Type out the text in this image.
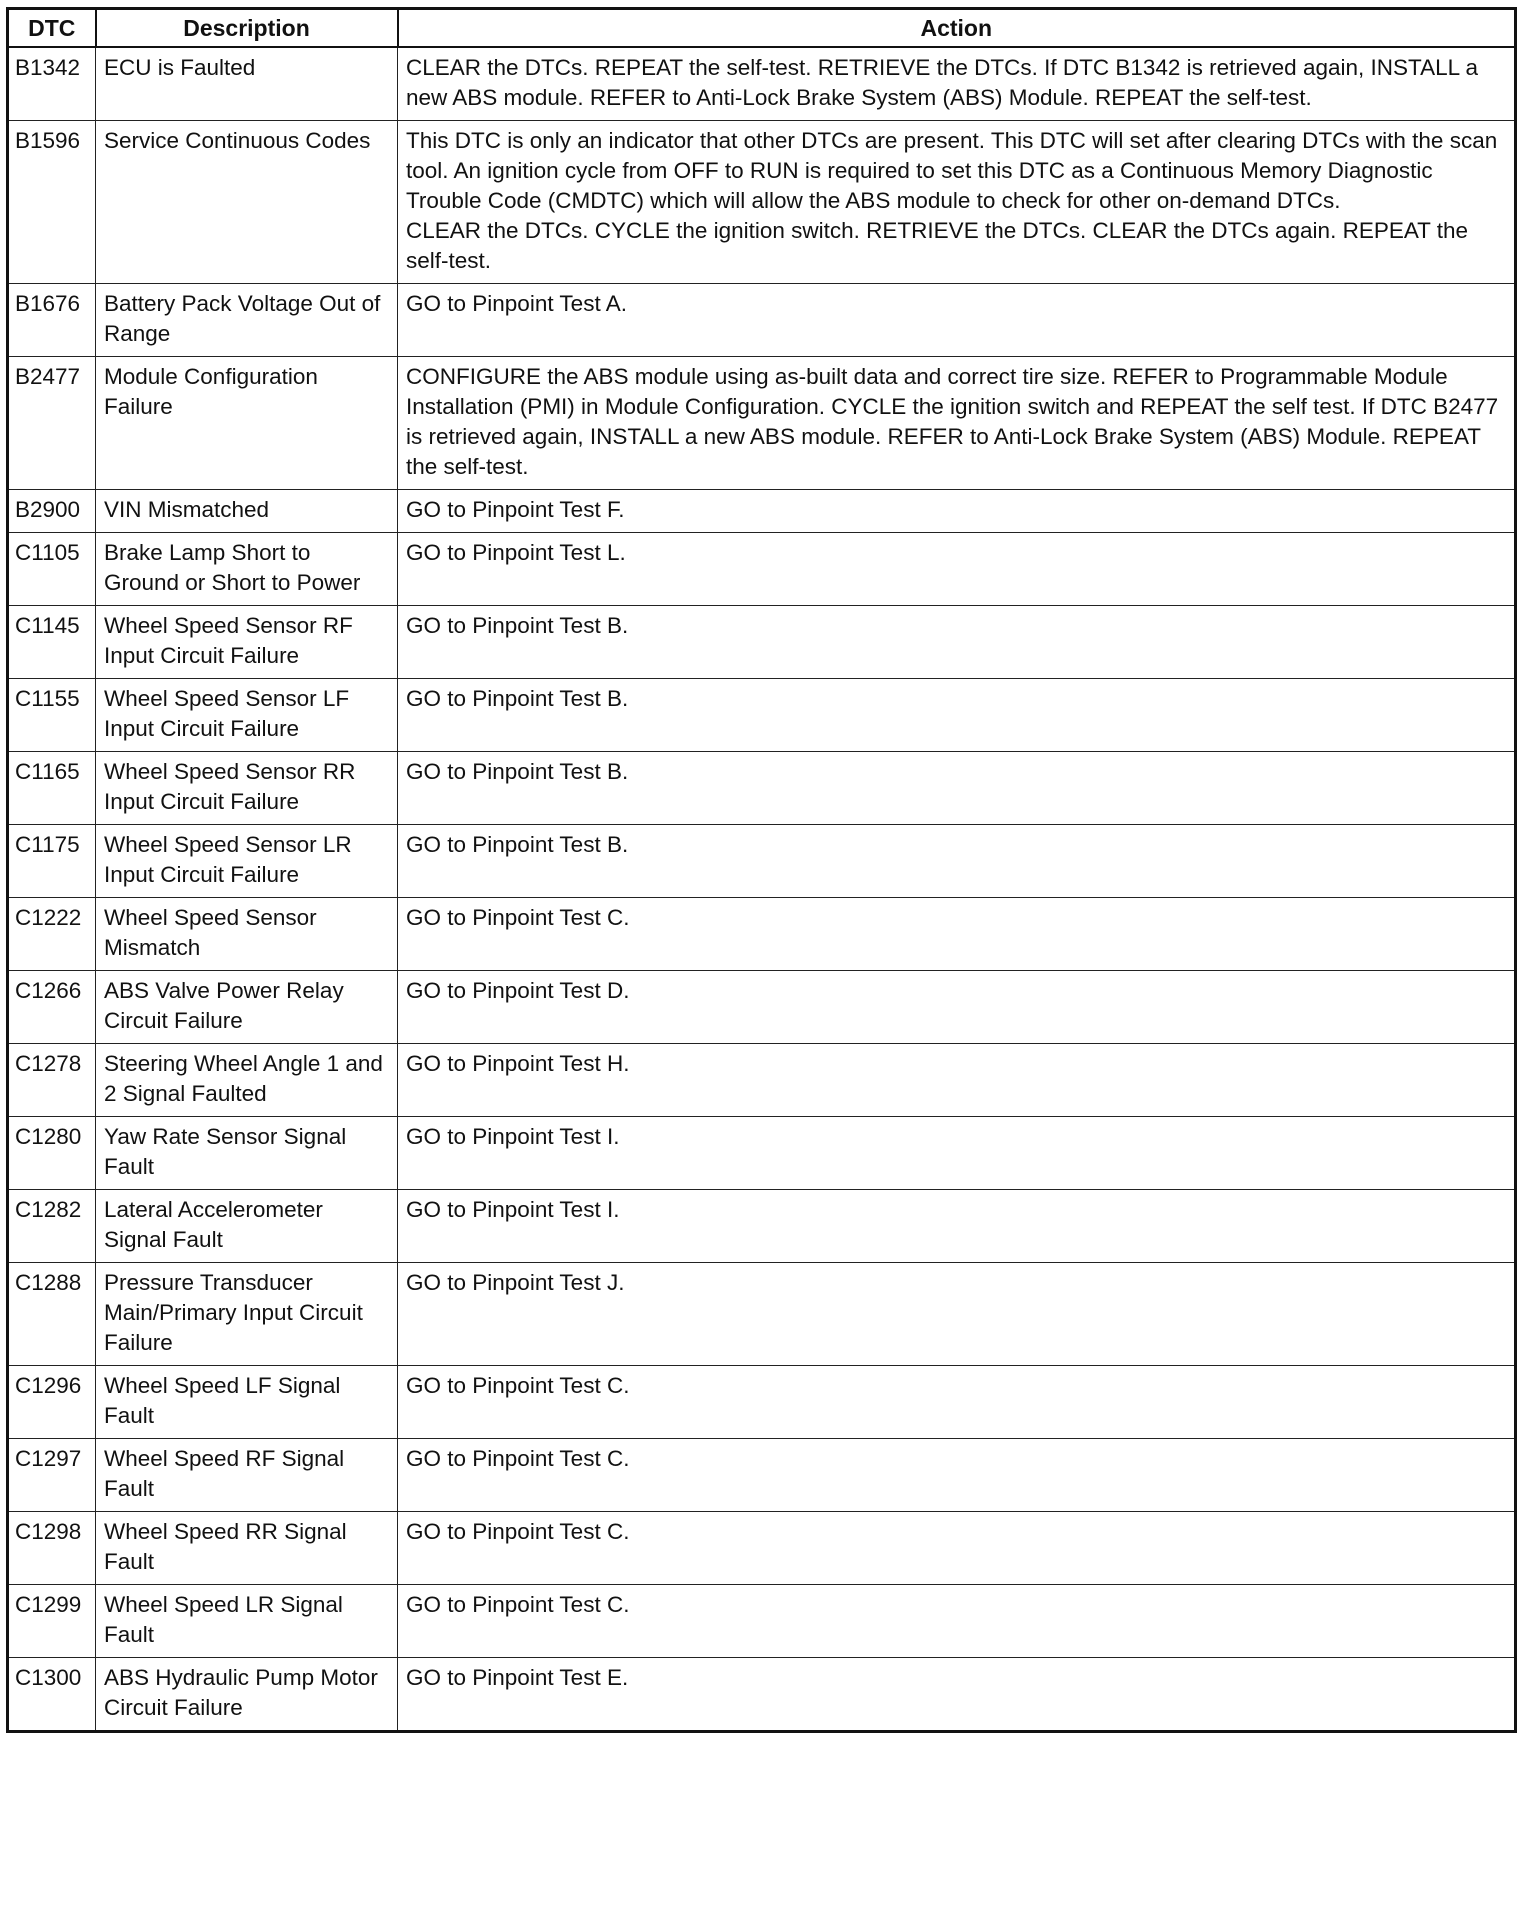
DTC	Description	Action
B1342	ECU is Faulted	CLEAR the DTCs. REPEAT the self-test. RETRIEVE the DTCs. If DTC B1342 is retrieved again, INSTALL a new ABS module. REFER to Anti-Lock Brake System (ABS) Module. REPEAT the self-test.

B1596	Service Continuous Codes	This DTC is only an indicator that other DTCs are present. This DTC will set after clearing DTCs with the scan tool. An ignition cycle from OFF to RUN is required to set this DTC as a Continuous Memory Diagnostic Trouble Code (CMDTC) which will allow the ABS module to check for other on-demand DTCs.
CLEAR the DTCs. CYCLE the ignition switch. RETRIEVE the DTCs. CLEAR the DTCs again. REPEAT the self-test.

B1676	Battery Pack Voltage Out of Range	GO to Pinpoint Test A.

B2477	Module Configuration Failure	CONFIGURE the ABS module using as-built data and correct tire size. REFER to Programmable Module Installation (PMI) in Module Configuration. CYCLE the ignition switch and REPEAT the self test. If DTC B2477 is retrieved again, INSTALL a new ABS module. REFER to Anti-Lock Brake System (ABS) Module. REPEAT the self-test.

B2900	VIN Mismatched	GO to Pinpoint Test F.

C1105	Brake Lamp Short to Ground or Short to Power	GO to Pinpoint Test L.

C1145	Wheel Speed Sensor RF Input Circuit Failure	GO to Pinpoint Test B.

C1155	Wheel Speed Sensor LF Input Circuit Failure	GO to Pinpoint Test B.

C1165	Wheel Speed Sensor RR Input Circuit Failure	GO to Pinpoint Test B.

C1175	Wheel Speed Sensor LR Input Circuit Failure	GO to Pinpoint Test B.

C1222	Wheel Speed Sensor Mismatch	GO to Pinpoint Test C.

C1266	ABS Valve Power Relay Circuit Failure	GO to Pinpoint Test D.

C1278	Steering Wheel Angle 1 and 2 Signal Faulted	GO to Pinpoint Test H.

C1280	Yaw Rate Sensor Signal Fault	GO to Pinpoint Test I.

C1282	Lateral Accelerometer Signal Fault	GO to Pinpoint Test I.

C1288	Pressure Transducer Main/Primary Input Circuit Failure	GO to Pinpoint Test J.

C1296	Wheel Speed LF Signal Fault	GO to Pinpoint Test C.

C1297	Wheel Speed RF Signal Fault	GO to Pinpoint Test C.

C1298	Wheel Speed RR Signal Fault	GO to Pinpoint Test C.

C1299	Wheel Speed LR Signal Fault	GO to Pinpoint Test C.

C1300	ABS Hydraulic Pump Motor Circuit Failure	GO to Pinpoint Test E.
